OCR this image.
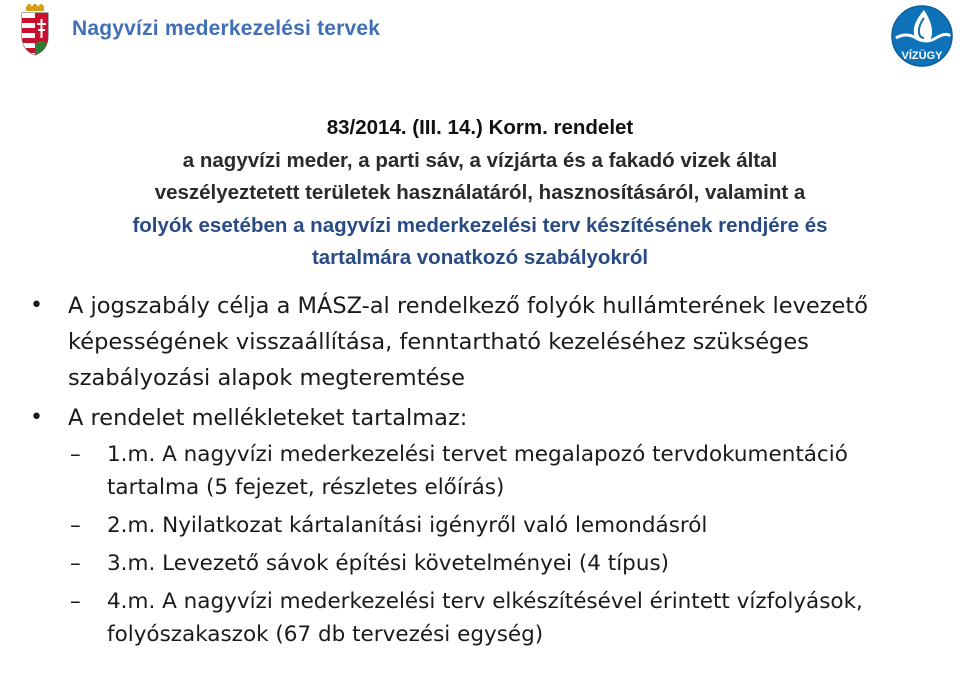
Nagyvízi mederkezelési tervek
VÍZÜGY
83/2014. (III. 14.) Korm. rendelet
a nagyvízi meder, a parti sáv, a vízjárta és a fakadó vizek által
veszélyeztetett területek használatáról, hasznosításáról, valamint a
folyók esetében a nagyvízi mederkezelési terv készítésének rendjére és
tartalmára vonatkozó szabályokról
• A jogszabály célja a MÁSZ-al rendelkező folyók hullámterének levezető képességének visszaállítása, fenntartható kezeléséhez szükséges szabályozási alapok megteremtése
• A rendelet mellékleteket tartalmaz:
– 1.m. A nagyvízi mederkezelési tervet megalapozó tervdokumentáció tartalma (5 fejezet, részletes előírás)
– 2.m. Nyilatkozat kártalanítási igényről való lemondásról
– 3.m. Levezető sávok építési követelményei (4 típus)
– 4.m. A nagyvízi mederkezelési terv elkészítésével érintett vízfolyások, folyószakaszok (67 db tervezési egység)
